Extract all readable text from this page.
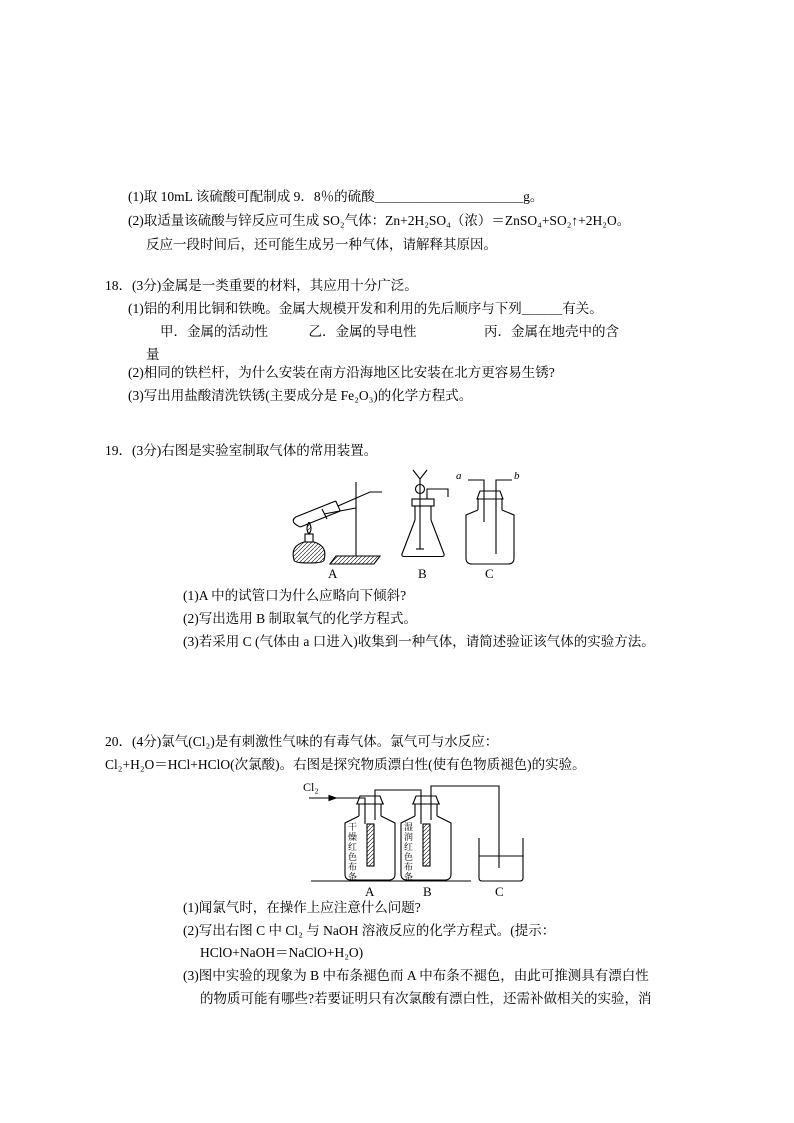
(1)取 10mL 该硫酸可配制成 9．8％的硫酸＿＿＿＿＿＿＿＿＿＿＿g。
(2)取适量该硫酸与锌反应可生成 SO₂气体：Zn+2H₂SO₄（浓）＝ZnSO₄+SO₂↑+2H₂O。
反应一段时间后，还可能生成另一种气体，请解释其原因。
18．(3分)金属是一类重要的材料，其应用十分广泛。
(1)铝的利用比铜和铁晚。金属大规模开发和利用的先后顺序与下列＿＿＿有关。
甲．金属的活动性　　　乙．金属的导电性　　　　　丙．金属在地壳中的含
量
(2)相同的铁栏杆，为什么安装在南方沿海地区比安装在北方更容易生锈?
(3)写出用盐酸清洗铁锈(主要成分是 Fe₂O₃)的化学方程式。
19．(3分)右图是实验室制取气体的常用装置。
a	b
A	B	C
(1)A 中的试管口为什么应略向下倾斜?
(2)写出选用 B 制取氧气的化学方程式。
(3)若采用 C (气体由 a 口进入)收集到一种气体，请简述验证该气体的实验方法。
20．(4分)氯气(Cl₂)是有刺激性气味的有毒气体。氯气可与水反应：
Cl₂+H₂O＝HCl+HClO(次氯酸)。右图是探究物质漂白性(使有色物质褪色)的实验。
Cl₂
干燥红色布条	湿润红色布条
A	B	C
(1)闻氯气时，在操作上应注意什么问题?
(2)写出右图 C 中 Cl₂ 与 NaOH 溶液反应的化学方程式。(提示：
HClO+NaOH＝NaClO+H₂O)
(3)图中实验的现象为 B 中布条褪色而 A 中布条不褪色，由此可推测具有漂白性
的物质可能有哪些?若要证明只有次氯酸有漂白性，还需补做相关的实验，消
